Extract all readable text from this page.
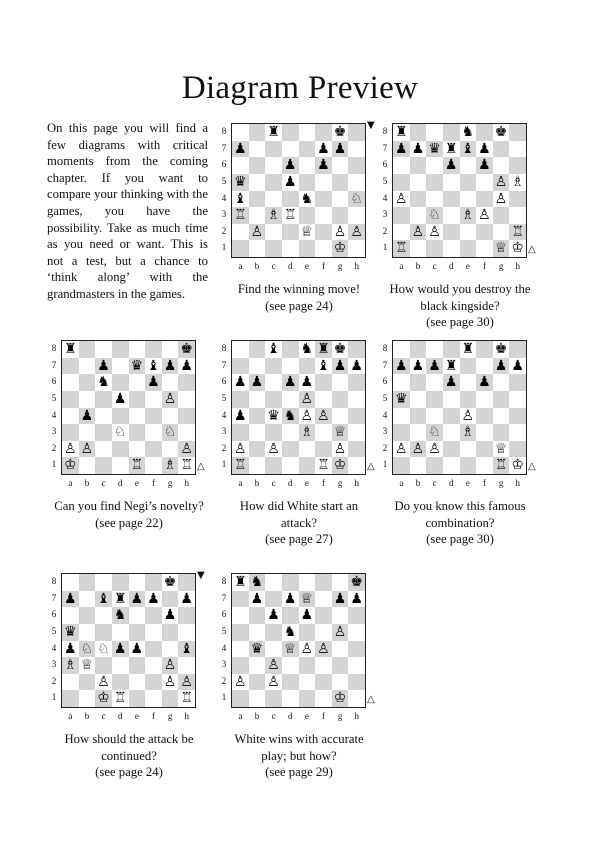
Diagram Preview

On this page you will find a few diagrams with critical moments from the coming chapter. If you want to compare your thinking with the games, you have the possibility. Take as much time as you need or want. This is not a test, but a chance to ‘think along’ with the grandmasters in the games.

8
7
6
5
4
3
2
1
♜	♚
♟	♟ ♟
♟ ♟
♛	♟
♝	♞	♘
♖ ♗ ♖
♙	♕ ♙ ♙
♔
a	b	c	d	e	f	g	h
▼
Find the winning move!
(see page 24)
8
7
6
5
4
3
2
1
♜	♞ ♚
♟ ♟ ♛ ♜ ♝ ♟
♟ ♟
♙ ♗
♙	♙
♘ ♗ ♙
♙ ♙	♖
♖	♕ ♔
a	b	c	d	e	f	g	h
△
How would you destroy the
black kingside?
(see page 30)
8
7
6
5
4
3
2
1
♜	♚
♟ ♛ ♝ ♟ ♟
♞	♟
♟	♙
♟
♘	♘
♙ ♙	♙
♔	♖ ♗ ♖
a	b	c	d	e	f	g	h
△
Can you find Negi’s novelty?
(see page 22)
8
7
6
5
4
3
2
1
♝ ♞ ♜ ♚
♝ ♟ ♟
♟ ♟ ♟ ♟
♙
♟ ♛ ♞ ♙ ♙
♗ ♕
♙ ♙	♙
♖	♖ ♔
a	b	c	d	e	f	g	h
△
How did White start an
attack?
(see page 27)
8
7
6
5
4
3
2
1
♜ ♚
♟ ♟ ♟ ♜	♟ ♟
♟ ♟
♛
♙
♘ ♗
♙ ♙ ♙	♕
♖ ♔
a	b	c	d	e	f	g	h
△
Do you know this famous
combination?
(see page 30)
8
7
6
5
4
3
2
1
♚
♟ ♝ ♜ ♟ ♟ ♟
♞	♟
♛
♟ ♘ ♘ ♟ ♟	♝
♗ ♕	♙
♙	♙ ♙
♔ ♖	♖
a	b	c	d	e	f	g	h
▼
How should the attack be
continued?
(see page 24)
8
7
6
5
4
3
2
1
♜ ♞	♚
♟ ♟ ♕ ♟ ♟
♟ ♟
♞	♙
♛ ♕ ♙ ♙
♙
♙ ♙
♔
a	b	c	d	e	f	g	h
△
White wins with accurate
play; but how?
(see page 29)
